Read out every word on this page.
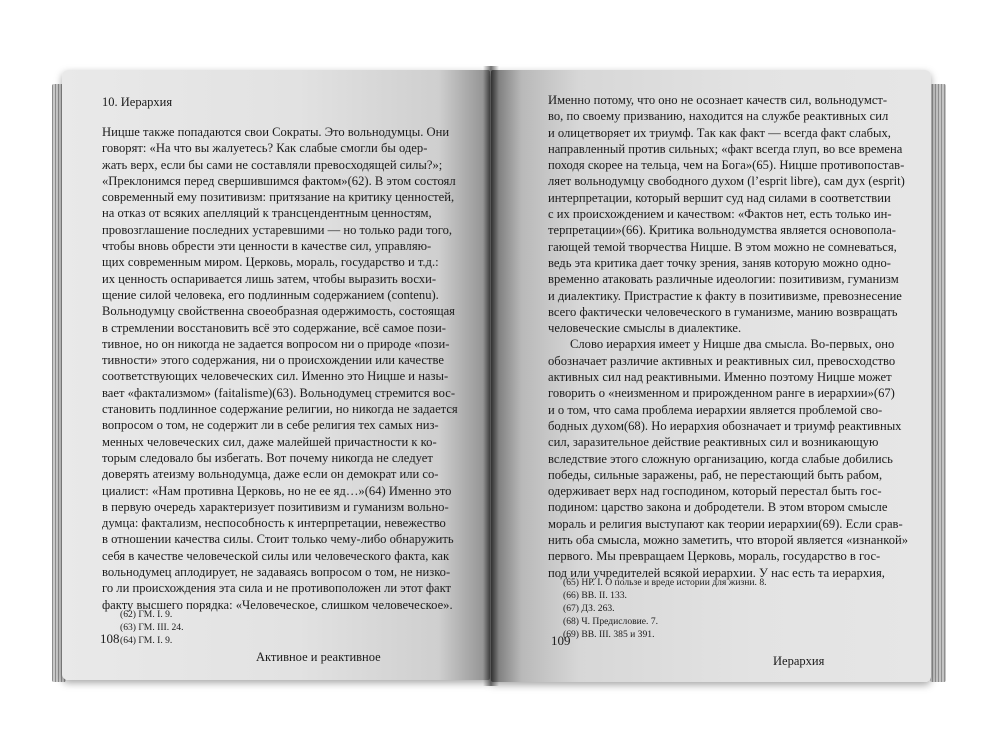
10. Иерархия
Ницше также попадаются свои Сократы. Это вольнодумцы. Они
говорят: «На что вы жалуетесь? Как слабые смогли бы одер-
жать верх, если бы сами не составляли превосходящей силы?»;
«Преклонимся перед свершившимся фактом»(62). В этом состоял
современный ему позитивизм: притязание на критику ценностей,
на отказ от всяких апелляций к трансцендентным ценностям,
провозглашение последних устаревшими — но только ради того,
чтобы вновь обрести эти ценности в качестве сил, управляю-
щих современным миром. Церковь, мораль, государство и т.д.:
их ценность оспаривается лишь затем, чтобы выразить восхи-
щение силой человека, его подлинным содержанием (contenu).
Вольнодумцу свойственна своеобразная одержимость, состоящая
в стремлении восстановить всё это содержание, всё самое пози-
тивное, но он никогда не задается вопросом ни о природе «пози-
тивности» этого содержания, ни о происхождении или качестве
соответствующих человеческих сил. Именно это Ницше и назы-
вает «фактализмом» (faitalisme)(63). Вольнодумец стремится вос-
становить подлинное содержание религии, но никогда не задается
вопросом о том, не содержит ли в себе религия тех самых низ-
менных человеческих сил, даже малейшей причастности к ко-
торым следовало бы избегать. Вот почему никогда не следует
доверять атеизму вольнодумца, даже если он демократ или со-
циалист: «Нам противна Церковь, но не ее яд…»(64) Именно это
в первую очередь характеризует позитивизм и гуманизм вольно-
думца: фактализм, неспособность к интерпретации, невежество
в отношении качества силы. Стоит только чему-либо обнаружить
себя в качестве человеческой силы или человеческого факта, как
вольнодумец аплодирует, не задаваясь вопросом о том, не низко-
го ли происхождения эта сила и не противоположен ли этот факт
факту высшего порядка: «Человеческое, слишком человеческое».
(62) ГМ. I. 9.
(63) ГМ. III. 24.
(64) ГМ. I. 9.
108
Активное и реактивное
Именно потому, что оно не осознает качеств сил, вольнодумст-
во, по своему призванию, находится на службе реактивных сил
и олицетворяет их триумф. Так как факт — всегда факт слабых,
направленный против сильных; «факт всегда глуп, во все времена
походя скорее на тельца, чем на Бога»(65). Ницше противопостав-
ляет вольнодумцу свободного духом (l’esprit libre), сам дух (esprit)
интерпретации, который вершит суд над силами в соответствии
с их происхождением и качеством: «Фактов нет, есть только ин-
терпретации»(66). Критика вольнодумства является основопола-
гающей темой творчества Ницше. В этом можно не сомневаться,
ведь эта критика дает точку зрения, заняв которую можно одно-
временно атаковать различные идеологии: позитивизм, гуманизм
и диалектику. Пристрастие к факту в позитивизме, превознесение
всего фактически человеческого в гуманизме, манию возвращать
человеческие смыслы в диалектике.
Слово иерархия имеет у Ницше два смысла. Во-первых, оно
обозначает различие активных и реактивных сил, превосходство
активных сил над реактивными. Именно поэтому Ницше может
говорить о «неизменном и прирожденном ранге в иерархии»(67)
и о том, что сама проблема иерархии является проблемой сво-
бодных духом(68). Но иерархия обозначает и триумф реактивных
сил, заразительное действие реактивных сил и возникающую
вследствие этого сложную организацию, когда слабые добились
победы, сильные заражены, раб, не перестающий быть рабом,
одерживает верх над господином, который перестал быть гос-
подином: царство закона и добродетели. В этом втором смысле
мораль и религия выступают как теории иерархии(69). Если срав-
нить оба смысла, можно заметить, что второй является «изнанкой»
первого. Мы превращаем Церковь, мораль, государство в гос-
под или учредителей всякой иерархии. У нас есть та иерархия,
(65) НР. I. О пользе и вреде истории для жизни. 8.
(66) ВВ. II. 133.
(67) ДЗ. 263.
(68) Ч. Предисловие. 7.
(69) ВВ. III. 385 и 391.
109
Иерархия
